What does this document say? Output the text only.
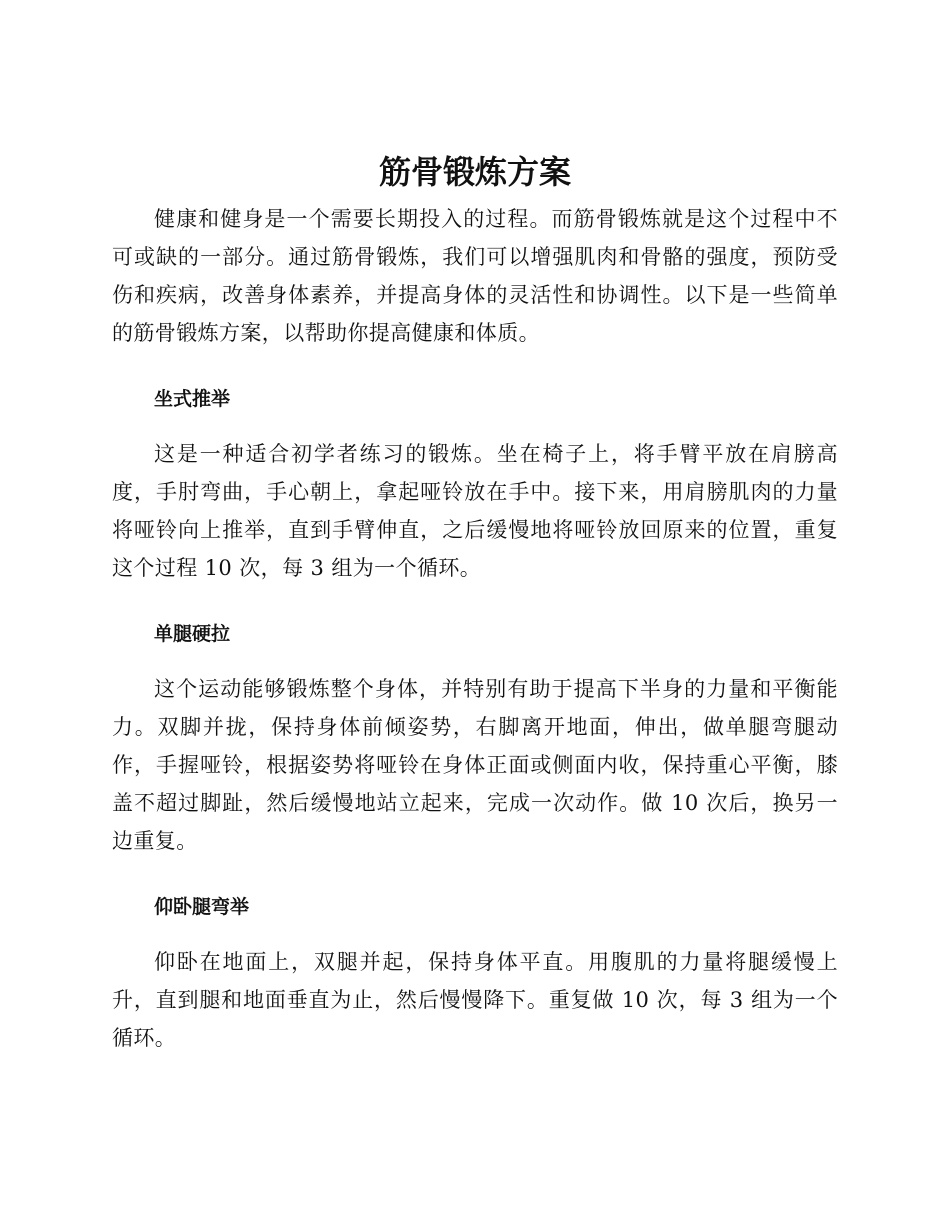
筋骨锻炼方案

健康和健身是一个需要长期投入的过程。而筋骨锻炼就是这个过程中不可或缺的一部分。通过筋骨锻炼，我们可以增强肌肉和骨骼的强度，预防受伤和疾病，改善身体素养，并提高身体的灵活性和协调性。以下是一些简单的筋骨锻炼方案，以帮助你提高健康和体质。

坐式推举

这是一种适合初学者练习的锻炼。坐在椅子上，将手臂平放在肩膀高度，手肘弯曲，手心朝上，拿起哑铃放在手中。接下来，用肩膀肌肉的力量将哑铃向上推举，直到手臂伸直，之后缓慢地将哑铃放回原来的位置，重复这个过程 10 次，每 3 组为一个循环。

单腿硬拉

这个运动能够锻炼整个身体，并特别有助于提高下半身的力量和平衡能力。双脚并拢，保持身体前倾姿势，右脚离开地面，伸出，做单腿弯腿动作，手握哑铃，根据姿势将哑铃在身体正面或侧面内收，保持重心平衡，膝盖不超过脚趾，然后缓慢地站立起来，完成一次动作。做 10 次后，换另一边重复。

仰卧腿弯举

仰卧在地面上，双腿并起，保持身体平直。用腹肌的力量将腿缓慢上升，直到腿和地面垂直为止，然后慢慢降下。重复做 10 次，每 3 组为一个循环。
